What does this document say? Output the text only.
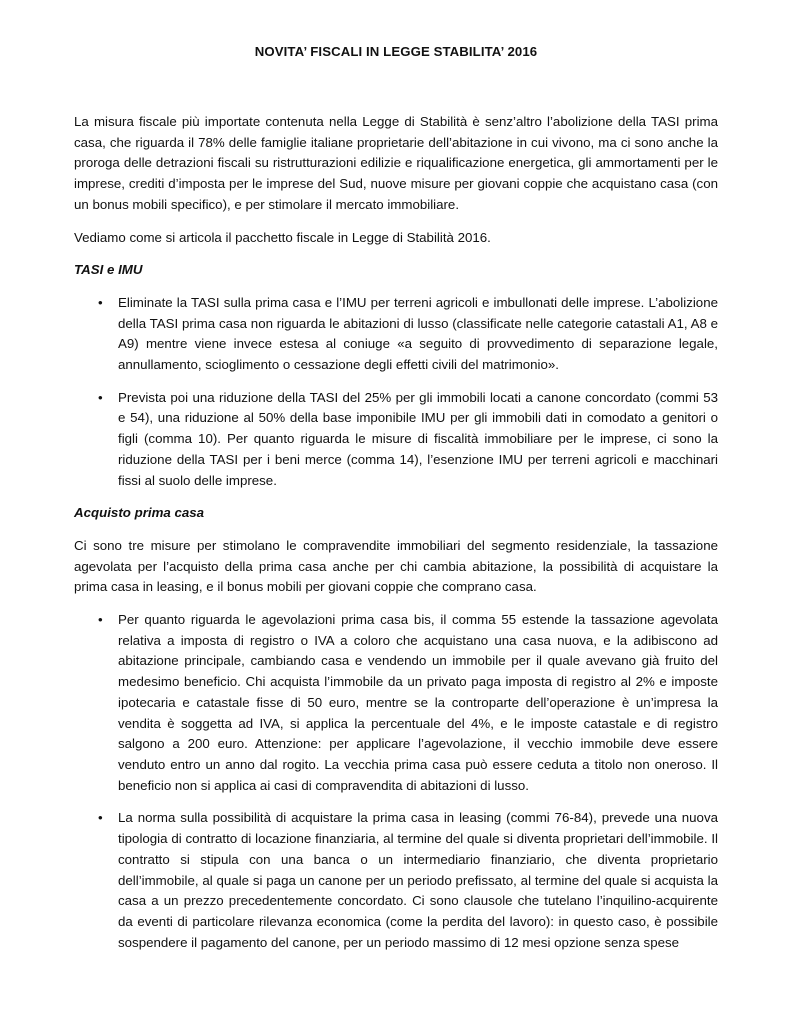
NOVITA’ FISCALI IN LEGGE STABILITA’ 2016

La misura fiscale più importate contenuta nella Legge di Stabilità è senz’altro l’abolizione della TASI prima casa, che riguarda il 78% delle famiglie italiane proprietarie dell’abitazione in cui vivono, ma ci sono anche la proroga delle detrazioni fiscali su ristrutturazioni edilizie e riqualificazione energetica, gli ammortamenti per le imprese, crediti d’imposta per le imprese del Sud, nuove misure per giovani coppie che acquistano casa (con un bonus mobili specifico), e per stimolare il mercato immobiliare.

Vediamo come si articola il pacchetto fiscale in Legge di Stabilità 2016.

TASI e IMU
• Eliminate la TASI sulla prima casa e l’IMU per terreni agricoli e imbullonati delle imprese. L’abolizione della TASI prima casa non riguarda le abitazioni di lusso (classificate nelle categorie catastali A1, A8 e A9) mentre viene invece estesa al coniuge «a seguito di provvedimento di separazione legale, annullamento, scioglimento o cessazione degli effetti civili del matrimonio».

• Prevista poi una riduzione della TASI del 25% per gli immobili locati a canone concordato (commi 53 e 54), una riduzione al 50% della base imponibile IMU per gli immobili dati in comodato a genitori o figli (comma 10). Per quanto riguarda le misure di fiscalità immobiliare per le imprese, ci sono la riduzione della TASI per i beni merce (comma 14), l’esenzione IMU per terreni agricoli e macchinari fissi al suolo delle imprese.

Acquisto prima casa

Ci sono tre misure per stimolano le compravendite immobiliari del segmento residenziale, la tassazione agevolata per l’acquisto della prima casa anche per chi cambia abitazione, la possibilità di acquistare la prima casa in leasing, e il bonus mobili per giovani coppie che comprano casa.

• Per quanto riguarda le agevolazioni prima casa bis, il comma 55 estende la tassazione agevolata relativa a imposta di registro o IVA a coloro che acquistano una casa nuova, e la adibiscono ad abitazione principale, cambiando casa e vendendo un immobile per il quale avevano già fruito del medesimo beneficio. Chi acquista l’immobile da un privato paga imposta di registro al 2% e imposte ipotecaria e catastale fisse di 50 euro, mentre se la controparte dell’operazione è un’impresa la vendita è soggetta ad IVA, si applica la percentuale del 4%, e le imposte catastale e di registro salgono a 200 euro. Attenzione: per applicare l’agevolazione, il vecchio immobile deve essere venduto entro un anno dal rogito. La vecchia prima casa può essere ceduta a titolo non oneroso. Il beneficio non si applica ai casi di compravendita di abitazioni di lusso.

• La norma sulla possibilità di acquistare la prima casa in leasing (commi 76-84), prevede una nuova tipologia di contratto di locazione finanziaria, al termine del quale si diventa proprietari dell’immobile. Il contratto si stipula con una banca o un intermediario finanziario, che diventa proprietario dell’immobile, al quale si paga un canone per un periodo prefissato, al termine del quale si acquista la casa a un prezzo precedentemente concordato. Ci sono clausole che tutelano l’inquilino-acquirente da eventi di particolare rilevanza economica (come la perdita del lavoro): in questo caso, è possibile sospendere il pagamento del canone, per un periodo massimo di 12 mesi opzione senza spese
